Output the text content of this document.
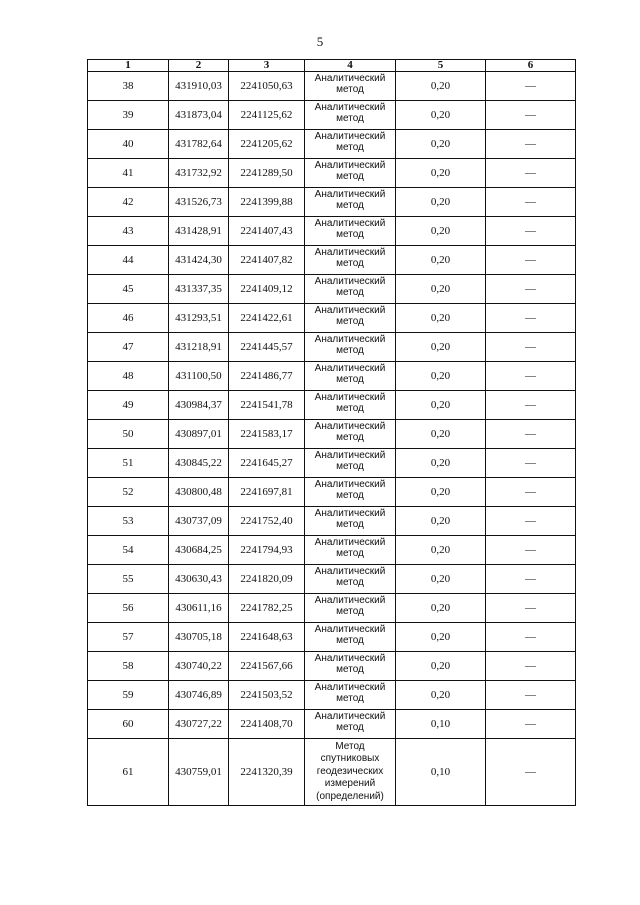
5
1	2	3	4	5	6
38	431910,03	2241050,63	Аналитический метод	0,20	—
39	431873,04	2241125,62	Аналитический метод	0,20	—
40	431782,64	2241205,62	Аналитический метод	0,20	—
41	431732,92	2241289,50	Аналитический метод	0,20	—
42	431526,73	2241399,88	Аналитический метод	0,20	—
43	431428,91	2241407,43	Аналитический метод	0,20	—
44	431424,30	2241407,82	Аналитический метод	0,20	—
45	431337,35	2241409,12	Аналитический метод	0,20	—
46	431293,51	2241422,61	Аналитический метод	0,20	—
47	431218,91	2241445,57	Аналитический метод	0,20	—
48	431100,50	2241486,77	Аналитический метод	0,20	—
49	430984,37	2241541,78	Аналитический метод	0,20	—
50	430897,01	2241583,17	Аналитический метод	0,20	—
51	430845,22	2241645,27	Аналитический метод	0,20	—
52	430800,48	2241697,81	Аналитический метод	0,20	—
53	430737,09	2241752,40	Аналитический метод	0,20	—
54	430684,25	2241794,93	Аналитический метод	0,20	—
55	430630,43	2241820,09	Аналитический метод	0,20	—
56	430611,16	2241782,25	Аналитический метод	0,20	—
57	430705,18	2241648,63	Аналитический метод	0,20	—
58	430740,22	2241567,66	Аналитический метод	0,20	—
59	430746,89	2241503,52	Аналитический метод	0,20	—
60	430727,22	2241408,70	Аналитический метод	0,10	—
61	430759,01	2241320,39	Метод спутниковых геодезических измерений (определений)	0,10	—
